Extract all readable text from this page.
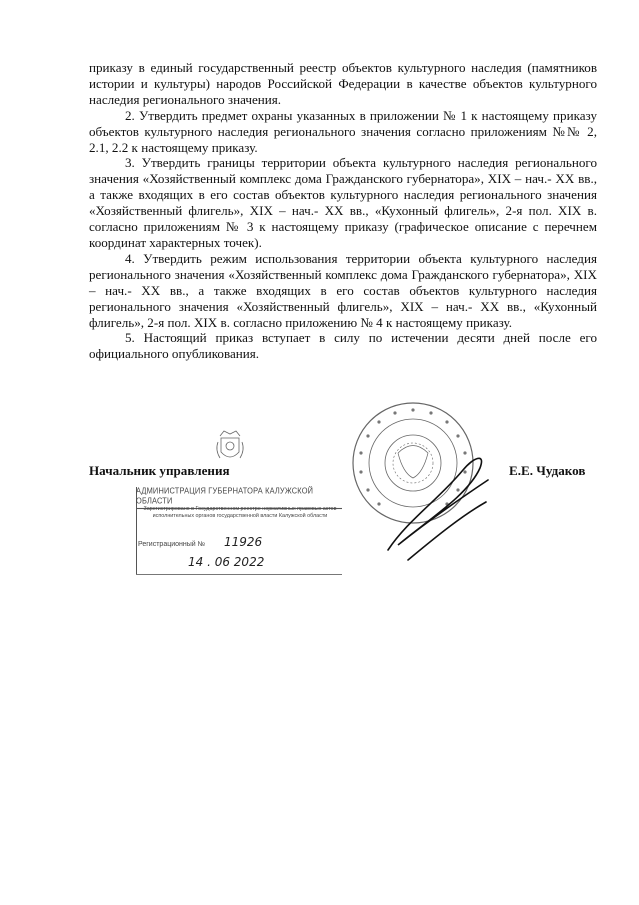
приказу в единый государственный реестр объектов культурного наследия (памятников истории и культуры) народов Российской Федерации в качестве объектов культурного наследия регионального значения.

2. Утвердить предмет охраны указанных в приложении № 1 к настоящему приказу объектов культурного наследия регионального значения согласно приложениям №№ 2, 2.1, 2.2 к настоящему приказу.

3. Утвердить границы территории объекта культурного наследия регионального значения «Хозяйственный комплекс дома Гражданского губернатора», XIX – нач.- XX вв., а также входящих в его состав объектов культурного наследия регионального значения «Хозяйственный флигель», XIX – нач.- XX вв., «Кухонный флигель», 2-я пол. XIX в. согласно приложениям № 3 к настоящему приказу (графическое описание с перечнем координат характерных точек).

4. Утвердить режим использования территории объекта культурного наследия регионального значения «Хозяйственный комплекс дома Гражданского губернатора», XIX – нач.- XX вв., а также входящих в его состав объектов культурного наследия регионального значения «Хозяйственный флигель», XIX – нач.- XX вв., «Кухонный флигель», 2-я пол. XIX в. согласно приложению № 4 к настоящему приказу.

5. Настоящий приказ вступает в силу по истечении десяти дней после его официального опубликования.

Начальник управления	Е.Е. Чудаков
АДМИНИСТРАЦИЯ ГУБЕРНАТОРА КАЛУЖСКОЙ ОБЛАСТИ
Зарегистрировано в Государственном реестре нормативных правовых актов исполнительных органов государственной власти Калужской области
Регистрационный № 11926
14 . 06 2022
